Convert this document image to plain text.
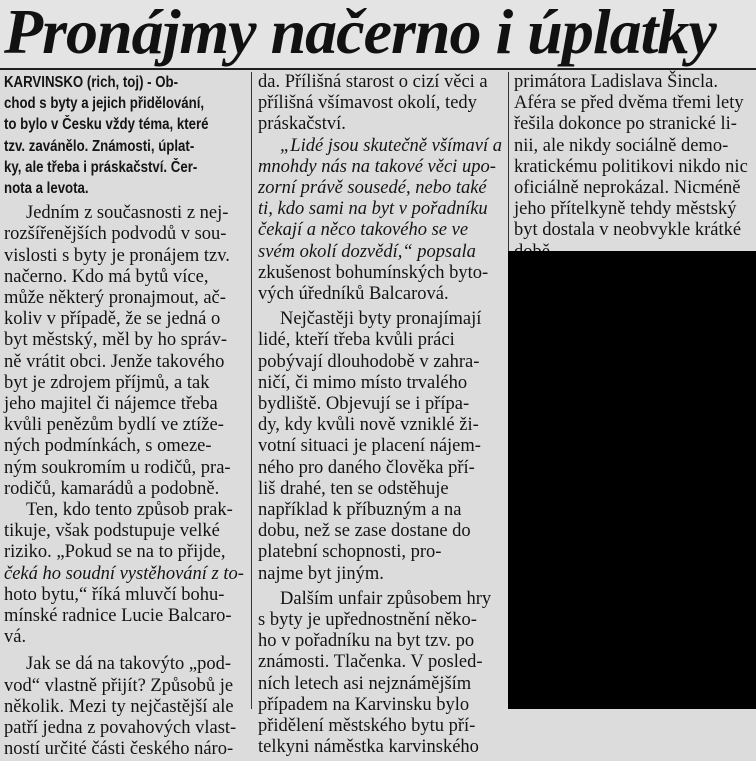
Pronájmy načerno i úplatky

KARVINSKO (rich, toj) - Ob-
chod s byty a jejich přidělování,
to bylo v Česku vždy téma, které
tzv. zavánělo. Známosti, úplat-
ky, ale třeba i práskačství. Čer-
nota a levota.

Jedním z současnosti z nej-
rozšířenějších podvodů v sou-
vislosti s byty je pronájem tzv.
načerno. Kdo má bytů více,
může některý pronajmout, ač-
koliv v případě, že se jedná o
byt městský, měl by ho správ-
ně vrátit obci. Jenže takového
byt je zdrojem příjmů, a tak
jeho majitel či nájemce třeba
kvůli penězům bydlí ve ztíže-
ných podmínkách, s omeze-
ným soukromím u rodičů, pra-
rodičů, kamarádů a podobně.

Ten, kdo tento způsob prak-
tikuje, však podstupuje velké
riziko. „Pokud se na to přijde,
čeká ho soudní vystěhování z to-
hoto bytu,“ říká mluvčí bohu-
mínské radnice Lucie Balcaro-
vá.

Jak se dá na takovýto „pod-
vod“ vlastně přijít? Způsobů je
několik. Mezi ty nejčastější ale
patří jedna z povahových vlast-
ností určité části českého náro-

da. Přílišná starost o cizí věci a
přílišná všímavost okolí, tedy
práskačství.

„Lidé jsou skutečně všímaví a
mnohdy nás na takové věci upo-
zorní právě sousedé, nebo také
ti, kdo sami na byt v pořadníku
čekají a něco takového se ve
svém okolí dozvědí,“ popsala
zkušenost bohumínských byto-
vých úředníků Balcarová.

Nejčastěji byty pronajímají
lidé, kteří třeba kvůli práci
pobývají dlouhodobě v zahra-
ničí, či mimo místo trvalého
bydliště. Objevují se i přípa-
dy, kdy kvůli nově vzniklé ži-
votní situaci je placení nájem-
ného pro daného člověka pří-
liš drahé, ten se odstěhuje
například k příbuzným a na
dobu, než se zase dostane do
platební schopnosti, pro-
najme byt jiným.

Dalším unfair způsobem hry
s byty je upřednostnění něko-
ho v pořadníku na byt tzv. po
známosti. Tlačenka. V posled-
ních letech asi nejznámějším
případem na Karvinsku bylo
přidělení městského bytu pří-
telkyni náměstka karvinského

primátora Ladislava Šincla.
Aféra se před dvěma třemi lety
řešila dokonce po stranické li-
nii, ale nikdy sociálně demo-
kratickému politikovi nikdo nic
oficiálně neprokázal. Nicméně
jeho přítelkyně tehdy městský
byt dostala v neobvykle krátké
